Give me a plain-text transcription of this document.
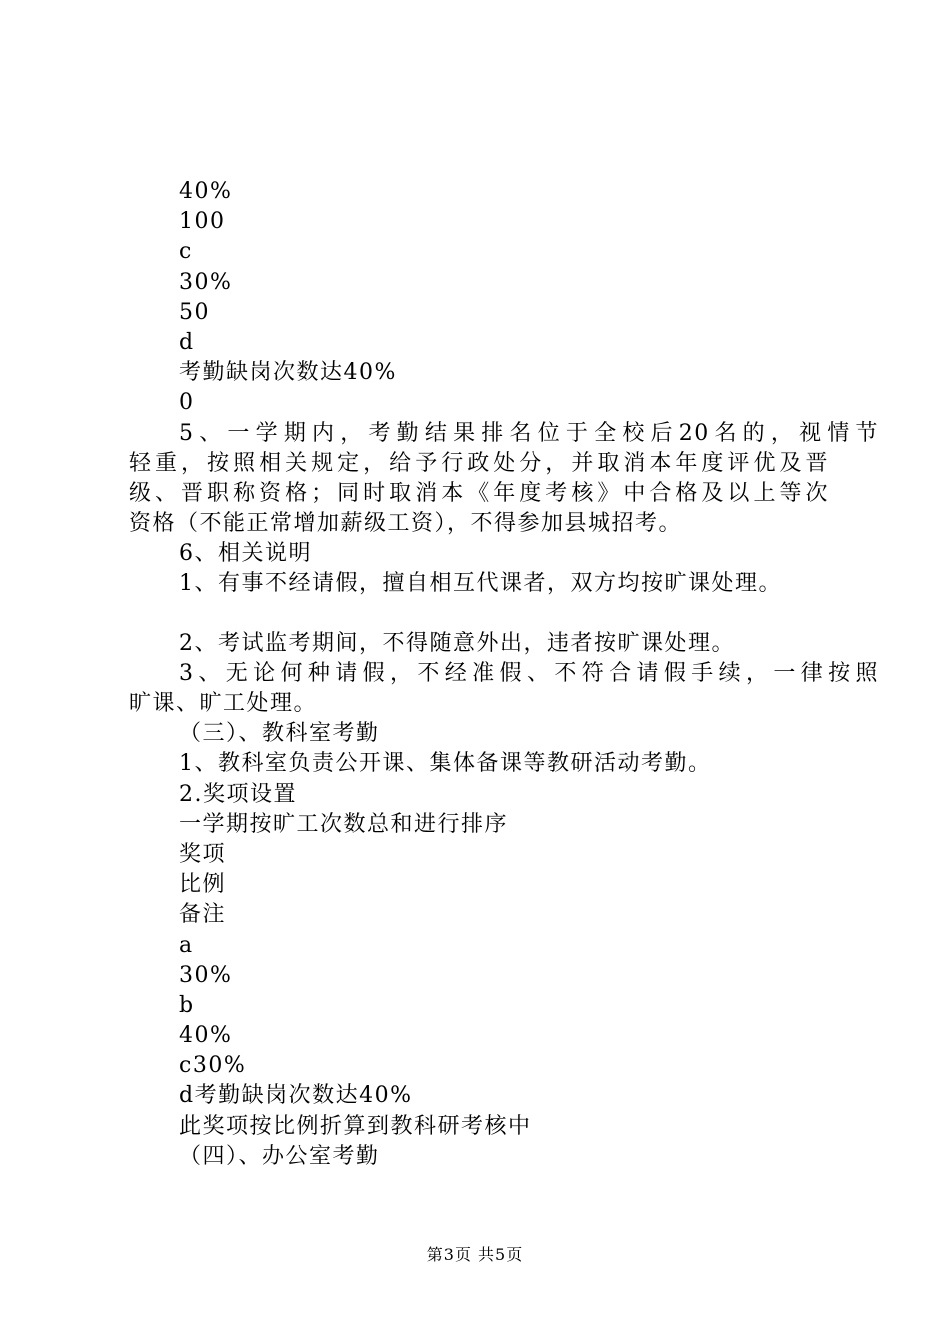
40%
100
c
30%
50
d
考勤缺岗次数达40%
0
5、一学期内，考勤结果排名位于全校后20名的，视情节
轻重，按照相关规定，给予行政处分，并取消本年度评优及晋
级、晋职称资格；同时取消本《年度考核》中合格及以上等次
资格（不能正常增加薪级工资），不得参加县城招考。
6、相关说明
1、有事不经请假，擅自相互代课者，双方均按旷课处理。
2、考试监考期间，不得随意外出，违者按旷课处理。
3、无论何种请假，不经准假、不符合请假手续，一律按照
旷课、旷工处理。
（三）、教科室考勤
1、教科室负责公开课、集体备课等教研活动考勤。
2.奖项设置
一学期按旷工次数总和进行排序
奖项
比例
备注
a
30%
b
40%
c30%
d考勤缺岗次数达40%
此奖项按比例折算到教科研考核中
（四）、办公室考勤
第3页 共5页
